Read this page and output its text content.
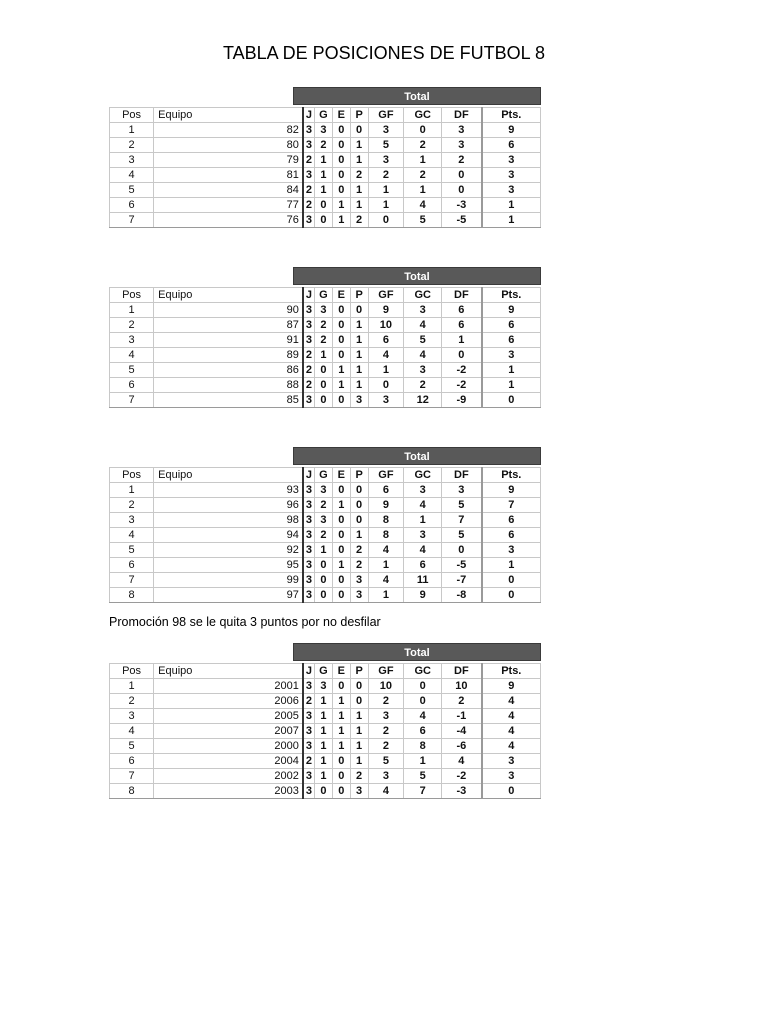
TABLA DE POSICIONES DE FUTBOL 8
Total
Pos	Equipo	J	G	E	P	GF	GC	DF	Pts.
1	82	3	3	0	0	3	0	3	9
2	80	3	2	0	1	5	2	3	6
3	79	2	1	0	1	3	1	2	3
4	81	3	1	0	2	2	2	0	3
5	84	2	1	0	1	1	1	0	3
6	77	2	0	1	1	1	4	-3	1
7	76	3	0	1	2	0	5	-5	1
Total
Pos	Equipo	J	G	E	P	GF	GC	DF	Pts.
1	90	3	3	0	0	9	3	6	9
2	87	3	2	0	1	10	4	6	6
3	91	3	2	0	1	6	5	1	6
4	89	2	1	0	1	4	4	0	3
5	86	2	0	1	1	1	3	-2	1
6	88	2	0	1	1	0	2	-2	1
7	85	3	0	0	3	3	12	-9	0
Total
Pos	Equipo	J	G	E	P	GF	GC	DF	Pts.
1	93	3	3	0	0	6	3	3	9
2	96	3	2	1	0	9	4	5	7
3	98	3	3	0	0	8	1	7	6
4	94	3	2	0	1	8	3	5	6
5	92	3	1	0	2	4	4	0	3
6	95	3	0	1	2	1	6	-5	1
7	99	3	0	0	3	4	11	-7	0
8	97	3	0	0	3	1	9	-8	0
Promoción 98 se le quita 3 puntos por no desfilar
Total
Pos	Equipo	J	G	E	P	GF	GC	DF	Pts.
1	2001	3	3	0	0	10	0	10	9
2	2006	2	1	1	0	2	0	2	4
3	2005	3	1	1	1	3	4	-1	4
4	2007	3	1	1	1	2	6	-4	4
5	2000	3	1	1	1	2	8	-6	4
6	2004	2	1	0	1	5	1	4	3
7	2002	3	1	0	2	3	5	-2	3
8	2003	3	0	0	3	4	7	-3	0
